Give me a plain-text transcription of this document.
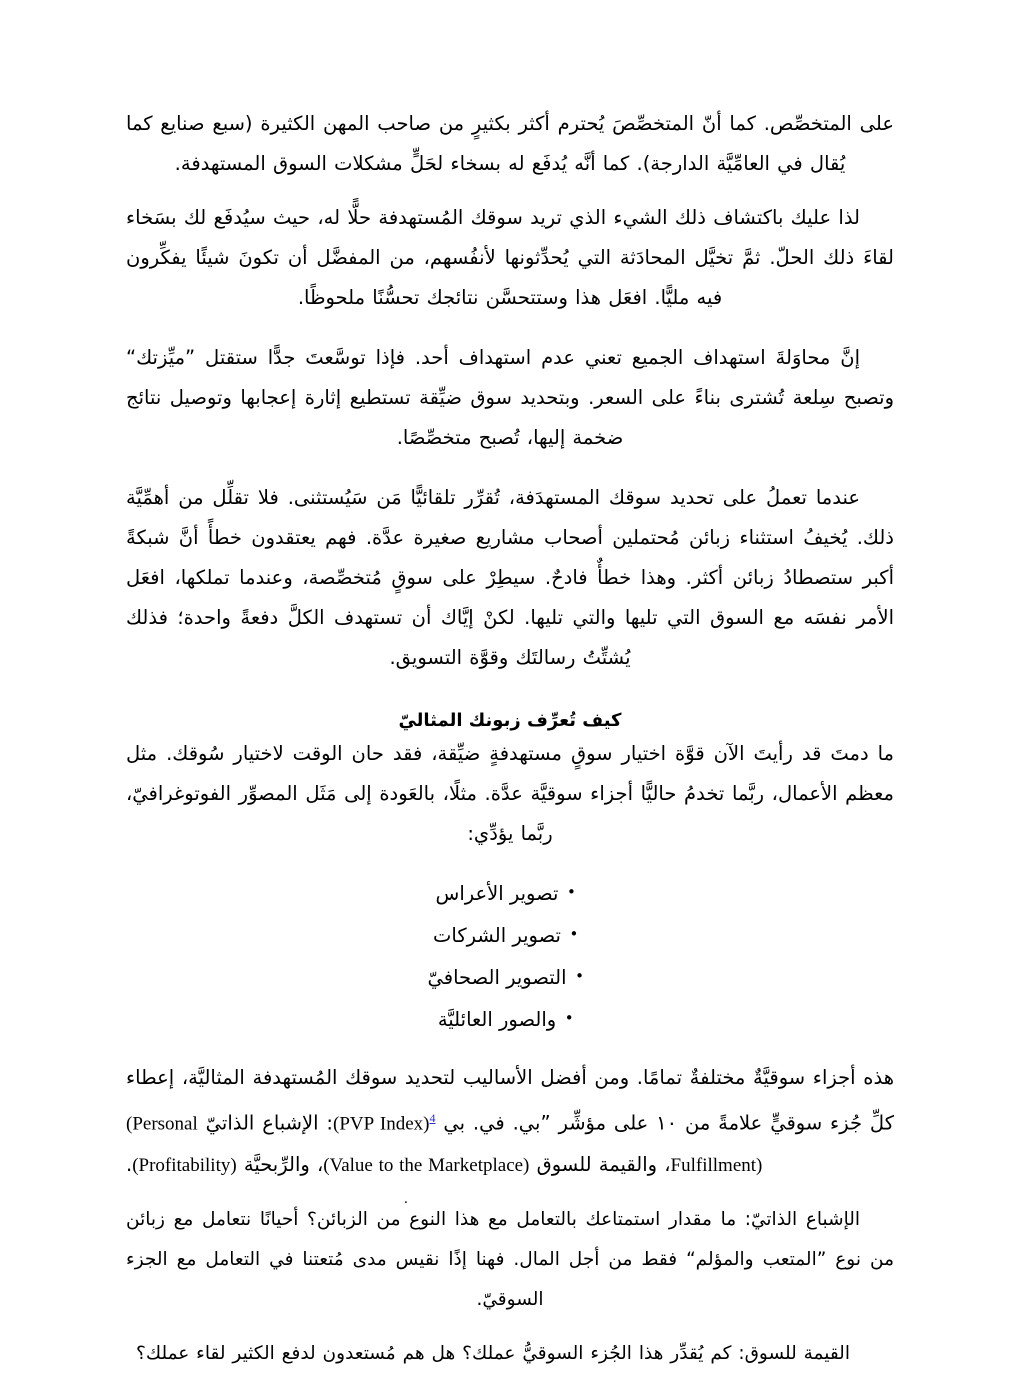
على المتخصِّص. كما أنّ المتخصِّصَ يُحترم أكثر بكثيرٍ من صاحب المهن الكثيرة (سبع صنايع كما يُقال في العامِّيَّة الدارجة). كما أنَّه يُدفَع له بسخاء لحَلٍّ مشكلات السوق المستهدفة.

لذا عليك باكتشاف ذلك الشيء الذي تريد سوقك المُستهدفة حلًّا له، حيث سيُدفَع لك بسَخاء لقاءَ ذلك الحلّ. ثمَّ تخيَّل المحادَثة التي يُحدِّثونها لأنفُسهم، من المفضَّل أن تكونَ شيئًا يفكِّرون فيه مليًّا. افعَل هذا وستتحسَّن نتائجك تحسُّنًا ملحوظًا.

إنَّ محاوَلةَ استهداف الجميع تعني عدم استهداف أحد. فإذا توسَّعتَ جدًّا ستقتل ”ميِّزتك“ وتصبح سِلعة تُشترى بناءً على السعر. وبتحديد سوق ضيِّقة تستطيع إثارة إعجابها وتوصيل نتائج ضخمة إليها، تُصبح متخصِّصًا.

عندما تعملُ على تحديد سوقك المستهدَفة، تُقرِّر تلقائيًّا مَن سَيُستثنى. فلا تقلِّل من أهمِّيَّة ذلك. يُخيفُ استثناء زبائن مُحتملين أصحاب مشاريع صغيرة عدَّة. فهم يعتقدون خطأً أنَّ شبكةً أكبر ستصطادُ زبائن أكثر. وهذا خطأٌ فادحٌ. سيطِرْ على سوقٍ مُتخصِّصة، وعندما تملكها، افعَل الأمر نفسَه مع السوق التي تليها والتي تليها. لكنْ إيَّاك أن تستهدف الكلَّ دفعةً واحدة؛ فذلك يُشتِّتُ رسالتَك وقوَّة التسويق.

كيف تُعرِّف زبونك المثاليّ

ما دمتَ قد رأيتَ الآن قوَّة اختيار سوقٍ مستهدفةٍ ضيِّقة، فقد حان الوقت لاختيار سُوقك. مثل معظم الأعمال، ربَّما تخدمُ حاليًّا أجزاء سوقيَّة عدَّة. مثلًا، بالعَودة إلى مَثَل المصوِّر الفوتوغرافيّ، ربَّما يؤدِّي:

•تصوير الأعراس
•تصوير الشركات
•التصوير الصحافيّ
•والصور العائليَّة

هذه أجزاء سوقيَّةٌ مختلفةٌ تمامًا. ومن أفضل الأساليب لتحديد سوقك المُستهدفة المثاليَّة، إعطاء كلِّ جُزء سوقيٍّ علامةً من ١٠ على مؤشِّر ”بي. في. بي $^4$(PVP Index): الإشباع الذاتيّ (Personal Fulfillment)، والقيمة للسوق (Value to the Marketplace)، والرِّبحيَّة (Profitability).

الإشباع الذاتيّ: ما مقدار استمتاعك بالتعامل مع هذا النوع من الزبائن؟ أحيانًا نتعامل مع زبائن من نوع ”المتعب والمؤلم“ فقط من أجل المال. فهنا إذًا نقيس مدى مُتعتنا في التعامل مع الجزء السوقيّ.

القيمة للسوق: كم يُقدِّر هذا الجُزء السوقيُّ عملك؟ هل هم مُستعدون لدفع الكثير لقاء عملك؟

.
